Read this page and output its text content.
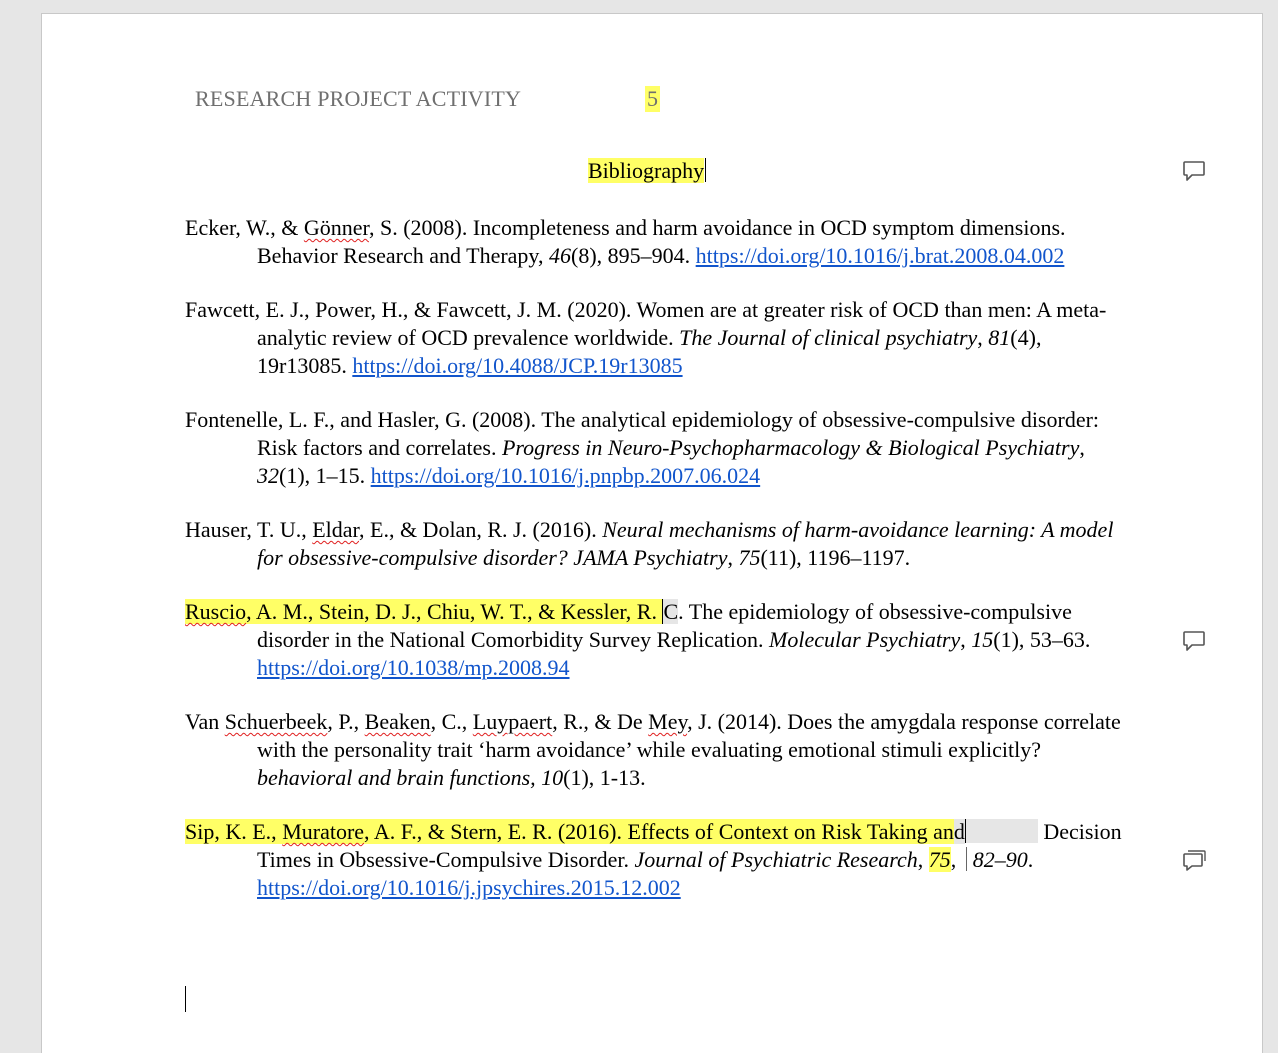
RESEARCH PROJECT ACTIVITY	5
Bibliography
Ecker, W., & Gönner, S. (2008). Incompleteness and harm avoidance in OCD symptom dimensions. Behavior Research and Therapy, 46(8), 895–904. https://doi.org/10.1016/j.brat.2008.04.002
Fawcett, E. J., Power, H., & Fawcett, J. M. (2020). Women are at greater risk of OCD than men: A meta-analytic review of OCD prevalence worldwide. The Journal of clinical psychiatry, 81(4), 19r13085. https://doi.org/10.4088/JCP.19r13085
Fontenelle, L. F., and Hasler, G. (2008). The analytical epidemiology of obsessive-compulsive disorder: Risk factors and correlates. Progress in Neuro-Psychopharmacology & Biological Psychiatry, 32(1), 1–15. https://doi.org/10.1016/j.pnpbp.2007.06.024
Hauser, T. U., Eldar, E., & Dolan, R. J. (2016). Neural mechanisms of harm-avoidance learning: A model for obsessive-compulsive disorder? JAMA Psychiatry, 75(11), 1196–1197.
Ruscio, A. M., Stein, D. J., Chiu, W. T., & Kessler, R. C. The epidemiology of obsessive-compulsive disorder in the National Comorbidity Survey Replication. Molecular Psychiatry, 15(1), 53–63. https://doi.org/10.1038/mp.2008.94
Van Schuerbeek, P., Beaken, C., Luypaert, R., & De Mey, J. (2014). Does the amygdala response correlate with the personality trait ‘harm avoidance’ while evaluating emotional stimuli explicitly? behavioral and brain functions, 10(1), 1-13.
Sip, K. E., Muratore, A. F., & Stern, E. R. (2016). Effects of Context on Risk Taking and	Decision Times in Obsessive-Compulsive Disorder. Journal of Psychiatric Research, 75, 82–90. https://doi.org/10.1016/j.jpsychires.2015.12.002
